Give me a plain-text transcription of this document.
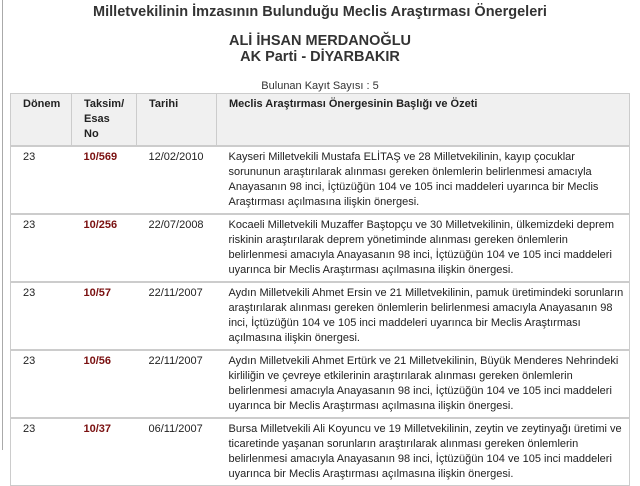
Milletvekilinin İmzasının Bulunduğu Meclis Araştırması Önergeleri
ALİ İHSAN MERDANOĞLU
AK Parti - DİYARBAKIR
Bulunan Kayıt Sayısı : 5
Dönem	Taksim/
Esas
No	Tarihi	Meclis Araştırması Önergesinin Başlığı ve Özeti
23	10/569	12/02/2010	Kayseri Milletvekili Mustafa ELİTAŞ ve 28 Milletvekilinin, kayıp çocuklar sorununun araştırılarak alınması gereken önlemlerin belirlenmesi amacıyla Anayasanın 98 inci, İçtüzüğün 104 ve 105 inci maddeleri uyarınca bir Meclis Araştırması açılmasına ilişkin önergesi.
23	10/256	22/07/2008	Kocaeli Milletvekili Muzaffer Baştopçu ve 30 Milletvekilinin, ülkemizdeki deprem riskinin araştırılarak deprem yönetiminde alınması gereken önlemlerin belirlenmesi amacıyla Anayasanın 98 inci, İçtüzüğün 104 ve 105 inci maddeleri uyarınca bir Meclis Araştırması açılmasına ilişkin önergesi.
23	10/57	22/11/2007	Aydın Milletvekili Ahmet Ersin ve 21 Milletvekilinin, pamuk üretimindeki sorunların araştırılarak alınması gereken önlemlerin belirlenmesi amacıyla Anayasanın 98 inci, İçtüzüğün 104 ve 105 inci maddeleri uyarınca bir Meclis Araştırması açılmasına ilişkin önergesi.
23	10/56	22/11/2007	Aydın Milletvekili Ahmet Ertürk ve 21 Milletvekilinin, Büyük Menderes Nehrindeki kirliliğin ve çevreye etkilerinin araştırılarak alınması gereken önlemlerin belirlenmesi amacıyla Anayasanın 98 inci, İçtüzüğün 104 ve 105 inci maddeleri uyarınca bir Meclis Araştırması açılmasına ilişkin önergesi.
23	10/37	06/11/2007	Bursa Milletvekili Ali Koyuncu ve 19 Milletvekilinin, zeytin ve zeytinyağı üretimi ve ticaretinde yaşanan sorunların araştırılarak alınması gereken önlemlerin belirlenmesi amacıyla Anayasanın 98 inci, İçtüzüğün 104 ve 105 inci maddeleri uyarınca bir Meclis Araştırması açılmasına ilişkin önergesi.
